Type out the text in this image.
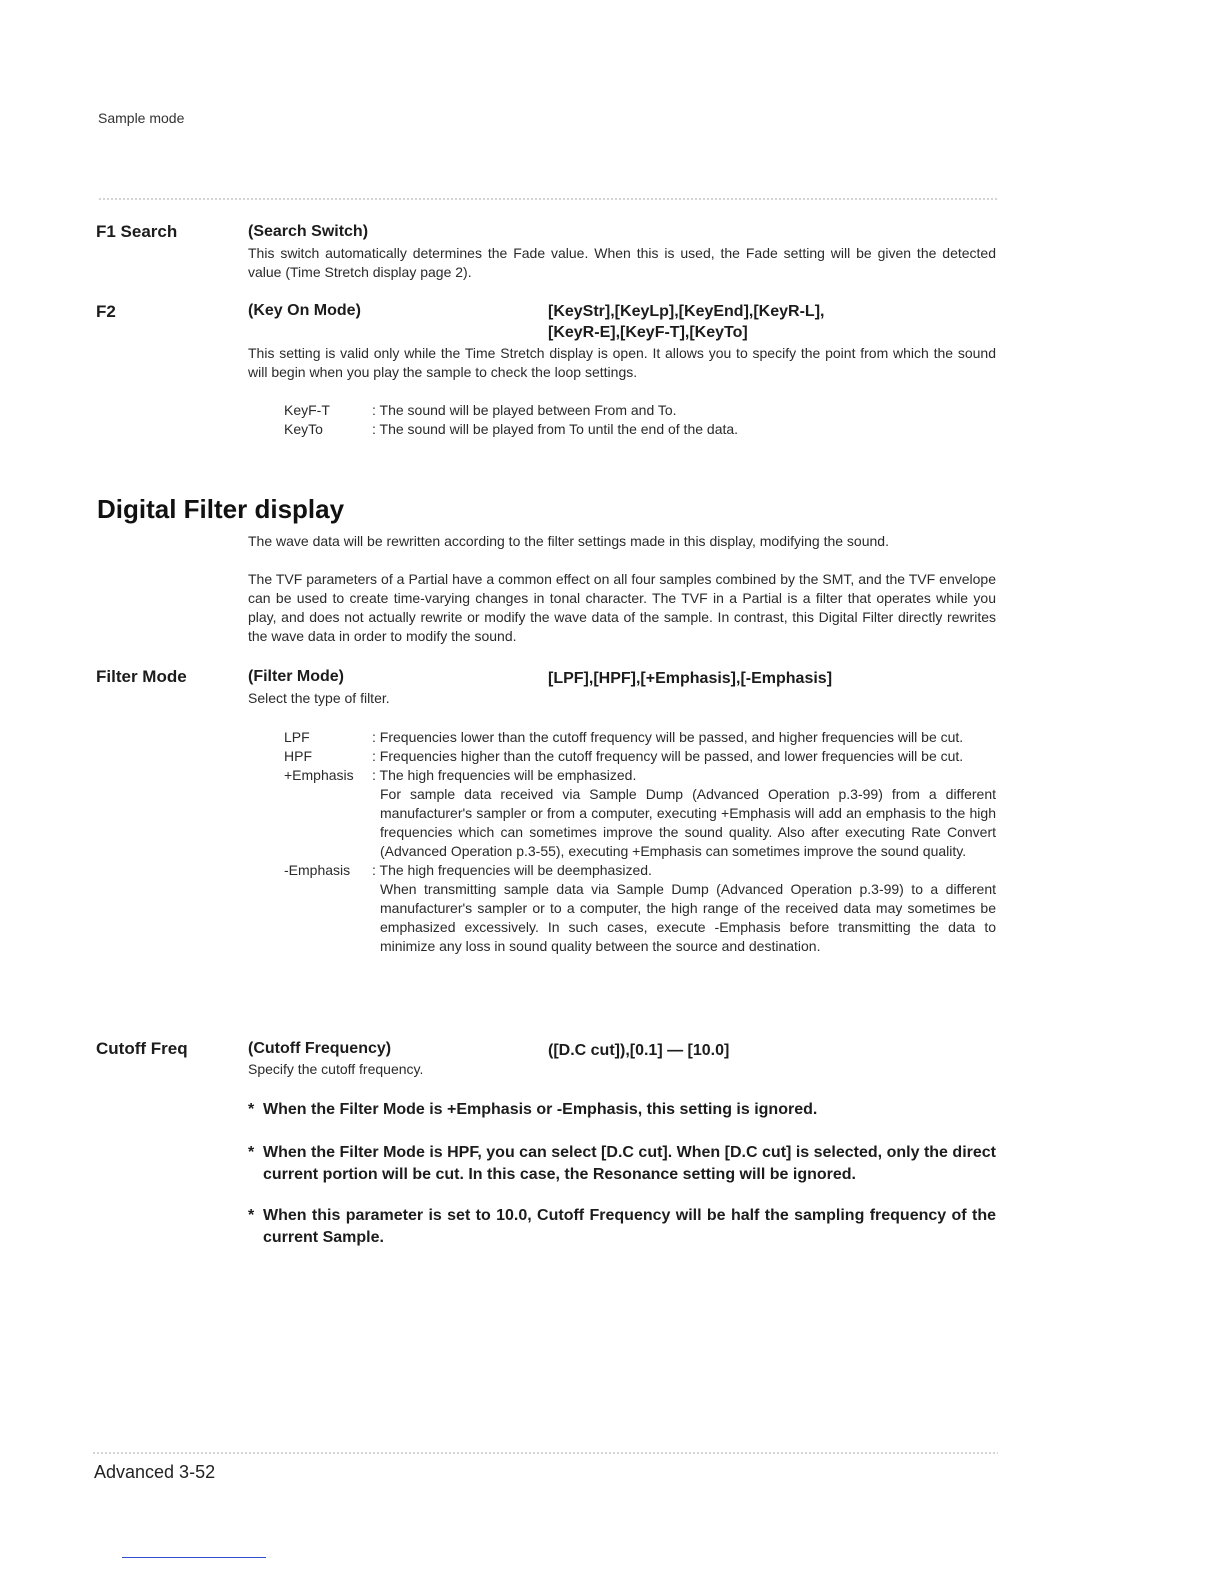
Sample mode
F1 Search	(Search Switch)

This switch automatically determines the Fade value. When this is used, the Fade setting will be given the detected value (Time Stretch display page 2).

F2	(Key On Mode)	[KeyStr],[KeyLp],[KeyEnd],[KeyR-L],
[KeyR-E],[KeyF-T],[KeyTo]

This setting is valid only while the Time Stretch display is open. It allows you to specify the point from which the sound will begin when you play the sample to check the loop settings.

KeyF-T	: The sound will be played between From and To.
KeyTo	: The sound will be played from To until the end of the data.
Digital Filter display

The wave data will be rewritten according to the filter settings made in this display, modifying the sound.

The TVF parameters of a Partial have a common effect on all four samples combined by the SMT, and the TVF envelope can be used to create time-varying changes in tonal character. The TVF in a Partial is a filter that operates while you play, and does not actually rewrite or modify the wave data of the sample. In contrast, this Digital Filter directly rewrites the wave data in order to modify the sound.

Filter Mode	(Filter Mode)	[LPF],[HPF],[+Emphasis],[-Emphasis]

Select the type of filter.

LPF	: Frequencies lower than the cutoff frequency will be passed, and higher frequencies will be cut.
HPF	: Frequencies higher than the cutoff frequency will be passed, and lower frequencies will be cut.
+Emphasis	: The high frequencies will be emphasized.

For sample data received via Sample Dump (Advanced Operation p.3-99) from a different manufacturer's sampler or from a computer, executing +Emphasis will add an emphasis to the high frequencies which can sometimes improve the sound quality. Also after executing Rate Convert (Advanced Operation p.3-55), executing +Emphasis can sometimes improve the sound quality.
-Emphasis	: The high frequencies will be deemphasized.

When transmitting sample data via Sample Dump (Advanced Operation p.3-99) to a different manufacturer's sampler or to a computer, the high range of the received data may sometimes be emphasized excessively. In such cases, execute -Emphasis before transmitting the data to minimize any loss in sound quality between the source and destination.
Cutoff Freq	(Cutoff Frequency)	([D.C cut]),[0.1] — [10.0]

Specify the cutoff frequency.

* When the Filter Mode is +Emphasis or -Emphasis, this setting is ignored.

* When the Filter Mode is HPF, you can select [D.C cut]. When [D.C cut] is selected, only the direct current portion will be cut. In this case, the Resonance setting will be ignored.

* When this parameter is set to 10.0, Cutoff Frequency will be half the sampling frequency of the current Sample.

Advanced 3-52
